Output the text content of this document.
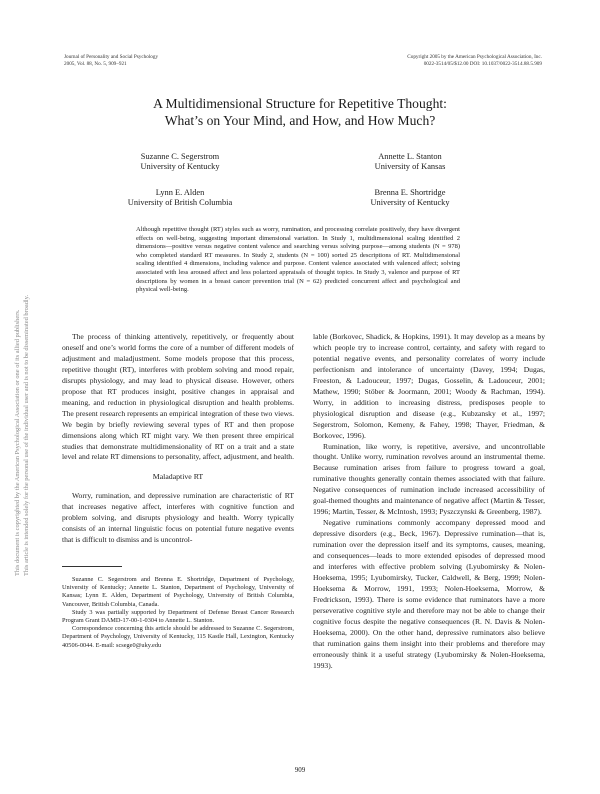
Journal of Personality and Social Psychology
2005, Vol. 88, No. 5, 909–921
Copyright 2005 by the American Psychological Association, Inc.
0022-3514/05/$12.00 DOI: 10.1037/0022-3514.88.5.909
A Multidimensional Structure for Repetitive Thought:
What’s on Your Mind, and How, and How Much?
Suzanne C. Segerstrom
University of Kentucky
Annette L. Stanton
University of Kansas
Lynn E. Alden
University of British Columbia
Brenna E. Shortridge
University of Kentucky
Although repetitive thought (RT) styles such as worry, rumination, and processing correlate positively, they have divergent effects on well-being, suggesting important dimensional variation. In Study 1, multidimensional scaling identified 2 dimensions—positive versus negative content valence and searching versus solving purpose—among students (N = 978) who completed standard RT measures. In Study 2, students (N = 100) sorted 25 descriptions of RT. Multidimensional scaling identified 4 dimensions, including valence and purpose. Content valence associated with valenced affect; solving associated with less aroused affect and less polarized appraisals of thought topics. In Study 3, valence and purpose of RT descriptions by women in a breast cancer prevention trial (N = 62) predicted concurrent affect and psychological and physical well-being.
This document is copyrighted by the American Psychological Association or one of its allied publishers. This article is intended solely for the personal use of the individual user and is not to be disseminated broadly.	The process of thinking attentively, repetitively, or frequently about oneself and one’s world forms the core of a number of different models of adjustment and maladjustment. Some models propose that this process, repetitive thought (RT), interferes with problem solving and mood repair, disrupts physiology, and may lead to physical disease. However, others propose that RT produces insight, positive changes in appraisal and meaning, and reduction in physiological disruption and health problems. The present research represents an empirical integration of these two views. We begin by briefly reviewing several types of RT and then propose dimensions along which RT might vary. We then present three empirical studies that demonstrate multidimensionality of RT on a trait and a state level and relate RT dimensions to personality, affect, adjustment, and health.

Maladaptive RT

Worry, rumination, and depressive rumination are characteristic of RT that increases negative affect, interferes with cognitive function and problem solving, and disrupts physiology and health. Worry typically consists of an internal linguistic focus on potential future negative events that is difficult to dismiss and is uncontrol-

Suzanne C. Segerstrom and Brenna E. Shortridge, Department of Psychology, University of Kentucky; Annette L. Stanton, Department of Psychology, University of Kansas; Lynn E. Alden, Department of Psychology, University of British Columbia, Vancouver, British Columbia, Canada.

Study 3 was partially supported by Department of Defense Breast Cancer Research Program Grant DAMD-17-00-1-0304 to Annette L. Stanton.

Correspondence concerning this article should be addressed to Suzanne C. Segerstrom, Department of Psychology, University of Kentucky, 115 Kastle Hall, Lexington, Kentucky 40506-0044. E-mail: scsege0@uky.edu

lable (Borkovec, Shadick, & Hopkins, 1991). It may develop as a means by which people try to increase control, certainty, and safety with regard to potential negative events, and personality correlates of worry include perfectionism and intolerance of uncertainty (Davey, 1994; Dugas, Freeston, & Ladouceur, 1997; Dugas, Gosselin, & Ladouceur, 2001; Mathew, 1990; Stöber & Joormann, 2001; Woody & Rachman, 1994). Worry, in addition to increasing distress, predisposes people to physiological disruption and disease (e.g., Kubzansky et al., 1997; Segerstrom, Solomon, Kemeny, & Fahey, 1998; Thayer, Friedman, & Borkovec, 1996).

Rumination, like worry, is repetitive, aversive, and uncontrollable thought. Unlike worry, rumination revolves around an instrumental theme. Because rumination arises from failure to progress toward a goal, ruminative thoughts generally contain themes associated with that failure. Negative consequences of rumination include increased accessibility of goal-themed thoughts and maintenance of negative affect (Martin & Tesser, 1996; Martin, Tesser, & McIntosh, 1993; Pyszczynski & Greenberg, 1987).

Negative ruminations commonly accompany depressed mood and depressive disorders (e.g., Beck, 1967). Depressive rumination—that is, rumination over the depression itself and its symptoms, causes, meaning, and consequences—leads to more extended episodes of depressed mood and interferes with effective problem solving (Lyubomirsky & Nolen-Hoeksema, 1995; Lyubomirsky, Tucker, Caldwell, & Berg, 1999; Nolen-Hoeksema & Morrow, 1991, 1993; Nolen-Hoeksema, Morrow, & Fredrickson, 1993). There is some evidence that ruminators have a more perseverative cognitive style and therefore may not be able to change their cognitive focus despite the negative consequences (R. N. Davis & Nolen-Hoeksema, 2000). On the other hand, depressive ruminators also believe that rumination gains them insight into their problems and therefore may erroneously think it a useful strategy (Lyubomirsky & Nolen-Hoeksema, 1993).

909
